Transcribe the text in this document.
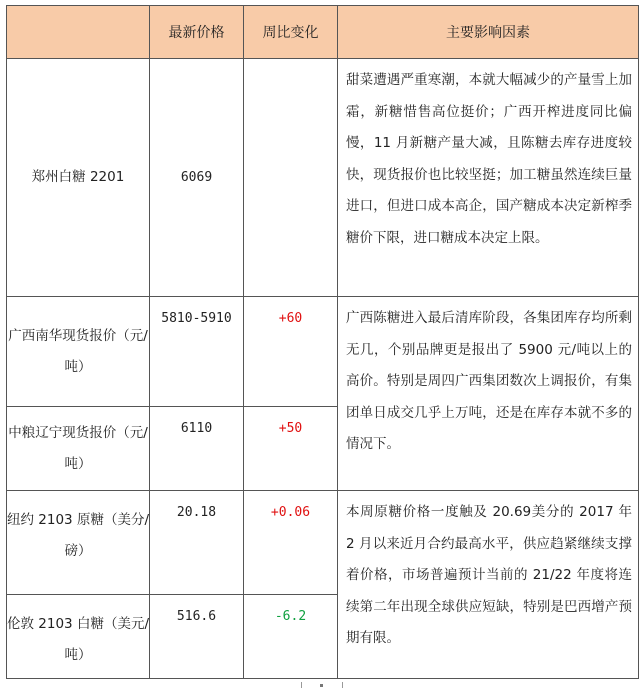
	最新价格	周比变化	主要影响因素
郑州白糖 2201	6069		甜菜遭遇严重寒潮，本就大幅减少的产量雪上加霜，新糖惜售高位挺价；广西开榨进度同比偏慢，11 月新糖产量大减，且陈糖去库存进度较快，现货报价也比较坚挺；加工糖虽然连续巨量进口，但进口成本高企，国产糖成本决定新榨季糖价下限，进口糖成本决定上限。
广西南华现货报价（元/吨）	5810-5910	+60	广西陈糖进入最后清库阶段，各集团库存均所剩无几，个别品牌更是报出了 5900 元/吨以上的高价。特别是周四广西集团数次上调报价，有集团单日成交几乎上万吨，还是在库存本就不多的情况下。
中粮辽宁现货报价（元/吨）	6110	+50	
纽约 2103 原糖（美分/磅）	20.18	+0.06	本周原糖价格一度触及 20.69美分的 2017 年 2 月以来近月合约最高水平，供应趋紧继续支撑着价格，市场普遍预计当前的 21/22 年度将连续第二年出现全球供应短缺，特别是巴西增产预期有限。
伦敦 2103 白糖（美元/吨）	516.6	-6.2	
